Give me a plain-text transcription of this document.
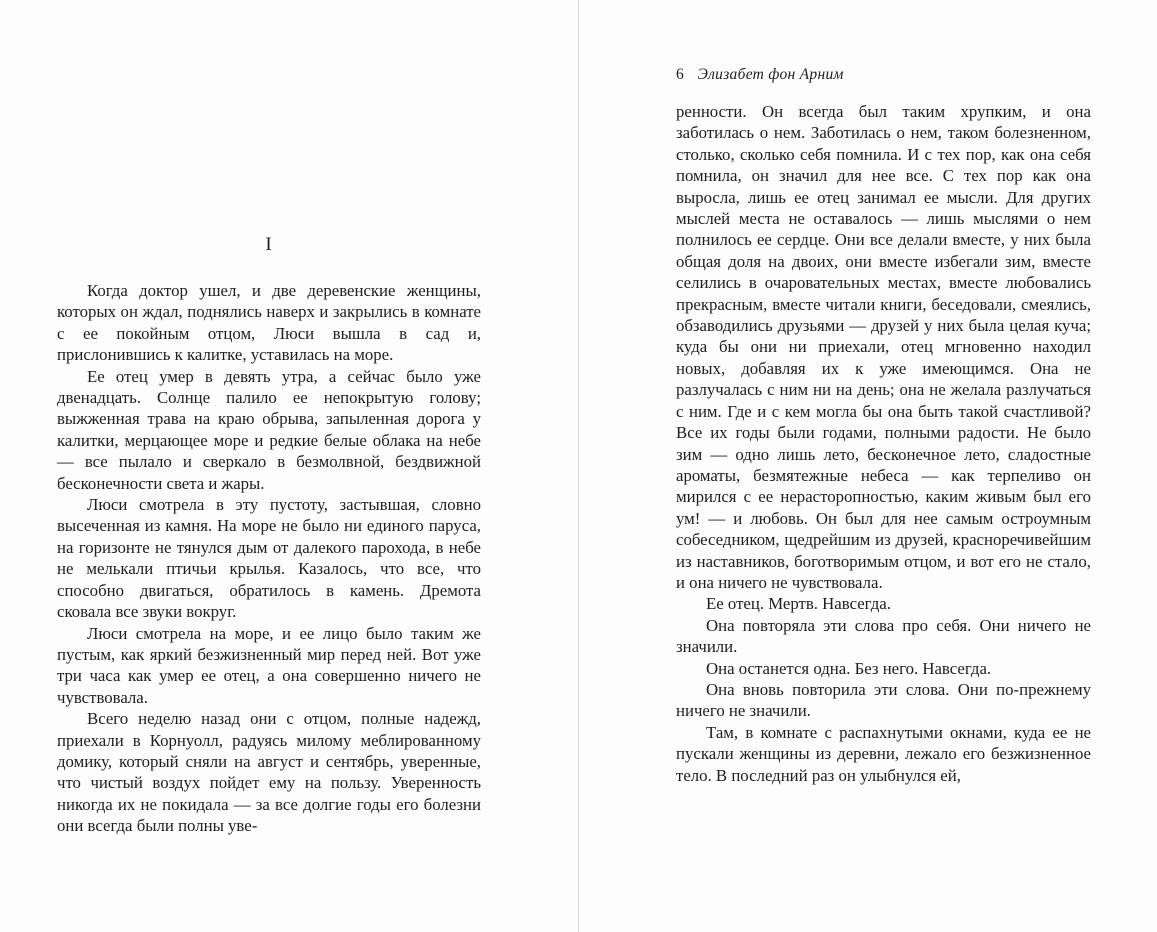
I

Когда доктор ушел, и две деревенские женщины, которых он ждал, поднялись наверх и закрылись в комнате с ее покойным отцом, Люси вышла в сад и, прислонившись к калитке, уставилась на море.

Ее отец умер в девять утра, а сейчас было уже двенадцать. Солнце палило ее непокрытую голову; выжженная трава на краю обрыва, запыленная дорога у калитки, мерцающее море и редкие белые облака на небе — все пылало и сверкало в безмолвной, бездвижной бесконечности света и жары.

Люси смотрела в эту пустоту, застывшая, словно высеченная из камня. На море не было ни единого паруса, на горизонте не тянулся дым от далекого парохода, в небе не мелькали птичьи крылья. Казалось, что все, что способно двигаться, обратилось в камень. Дремота сковала все звуки вокруг.

Люси смотрела на море, и ее лицо было таким же пустым, как яркий безжизненный мир перед ней. Вот уже три часа как умер ее отец, а она совершенно ничего не чувствовала.

Всего неделю назад они с отцом, полные надежд, приехали в Корнуолл, радуясь милому меблированному домику, который сняли на август и сентябрь, уверенные, что чистый воздух пойдет ему на пользу. Уверенность никогда их не покидала — за все долгие годы его болезни они всегда были полны уве-

6 Элизабет фон Арним

ренности. Он всегда был таким хрупким, и она заботилась о нем. Заботилась о нем, таком болезненном, столько, сколько себя помнила. И с тех пор, как она себя помнила, он значил для нее все. С тех пор как она выросла, лишь ее отец занимал ее мысли. Для других мыслей места не оставалось — лишь мыслями о нем полнилось ее сердце. Они все делали вместе, у них была общая доля на двоих, они вместе избегали зим, вместе селились в очаровательных местах, вместе любовались прекрасным, вместе читали книги, беседовали, смеялись, обзаводились друзьями — друзей у них была целая куча; куда бы они ни приехали, отец мгновенно находил новых, добавляя их к уже имеющимся. Она не разлучалась с ним ни на день; она не желала разлучаться с ним. Где и с кем могла бы она быть такой счастливой? Все их годы были годами, полными радости. Не было зим — одно лишь лето, бесконечное лето, сладостные ароматы, безмятежные небеса — как терпеливо он мирился с ее нерасторопностью, каким живым был его ум! — и любовь. Он был для нее самым остроумным собеседником, щедрейшим из друзей, красноречивейшим из наставников, боготворимым отцом, и вот его не стало, и она ничего не чувствовала.

Ее отец. Мертв. Навсегда.

Она повторяла эти слова про себя. Они ничего не значили.

Она останется одна. Без него. Навсегда.

Она вновь повторила эти слова. Они по-прежнему ничего не значили.

Там, в комнате с распахнутыми окнами, куда ее не пускали женщины из деревни, лежало его безжизненное тело. В последний раз он улыбнулся ей,
